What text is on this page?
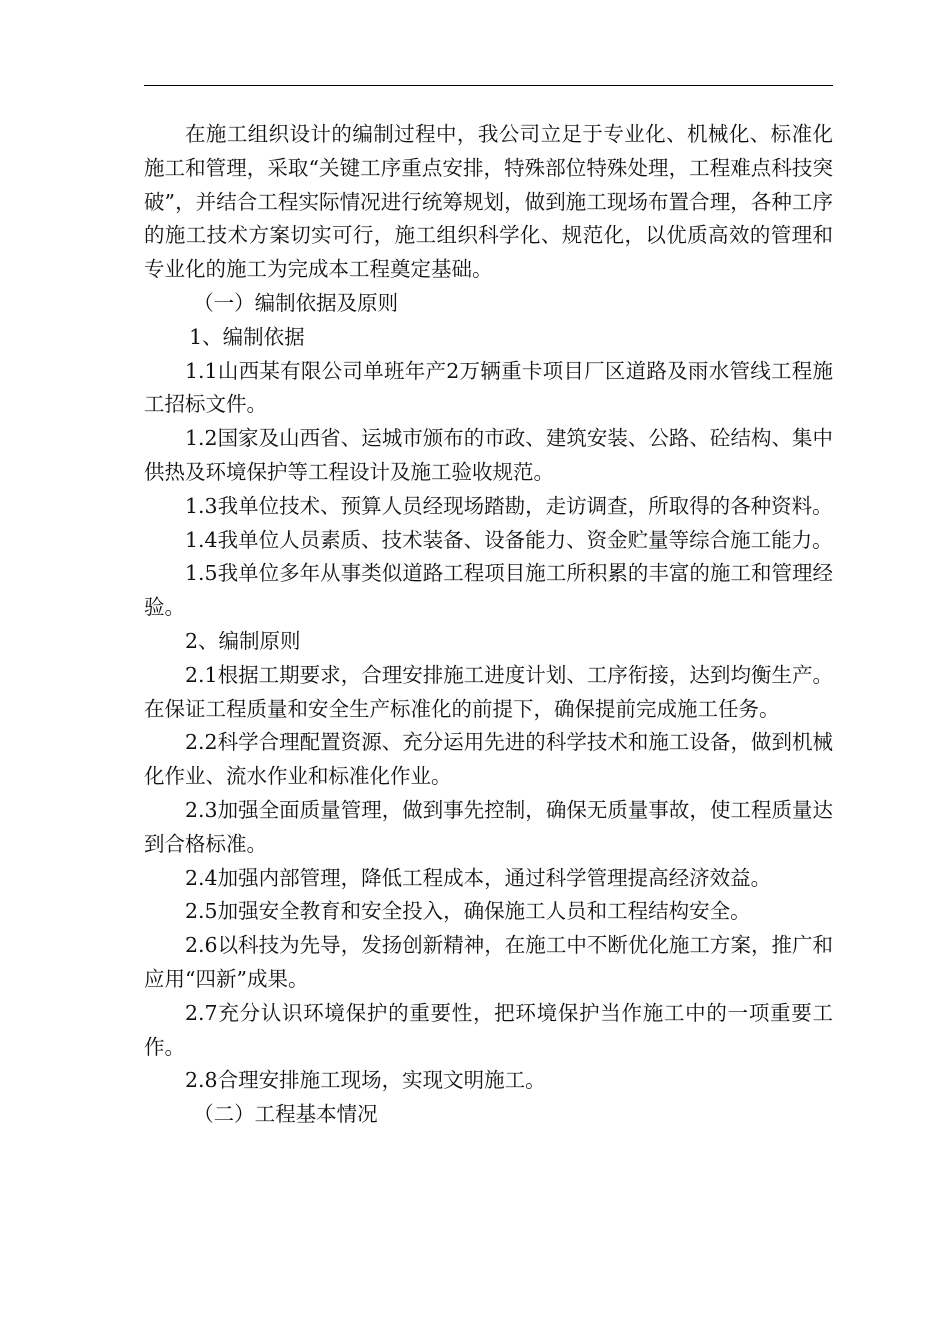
在施工组织设计的编制过程中，我公司立足于专业化、机械化、标准化施工和管理，采取“关键工序重点安排，特殊部位特殊处理，工程难点科技突破”，并结合工程实际情况进行统筹规划，做到施工现场布置合理，各种工序的施工技术方案切实可行，施工组织科学化、规范化，以优质高效的管理和专业化的施工为完成本工程奠定基础。

（一）编制依据及原则

1、编制依据

1.1山西某有限公司单班年产2万辆重卡项目厂区道路及雨水管线工程施工招标文件。

1.2国家及山西省、运城市颁布的市政、建筑安装、公路、砼结构、集中供热及环境保护等工程设计及施工验收规范。

1.3我单位技术、预算人员经现场踏勘，走访调查，所取得的各种资料。

1.4我单位人员素质、技术装备、设备能力、资金贮量等综合施工能力。

1.5我单位多年从事类似道路工程项目施工所积累的丰富的施工和管理经验。

2、编制原则

2.1根据工期要求，合理安排施工进度计划、工序衔接，达到均衡生产。在保证工程质量和安全生产标准化的前提下，确保提前完成施工任务。

2.2科学合理配置资源、充分运用先进的科学技术和施工设备，做到机械化作业、流水作业和标准化作业。

2.3加强全面质量管理，做到事先控制，确保无质量事故，使工程质量达到合格标准。

2.4加强内部管理，降低工程成本，通过科学管理提高经济效益。

2.5加强安全教育和安全投入，确保施工人员和工程结构安全。

2.6以科技为先导，发扬创新精神，在施工中不断优化施工方案，推广和应用“四新”成果。

2.7充分认识环境保护的重要性，把环境保护当作施工中的一项重要工作。

2.8合理安排施工现场，实现文明施工。

（二）工程基本情况
